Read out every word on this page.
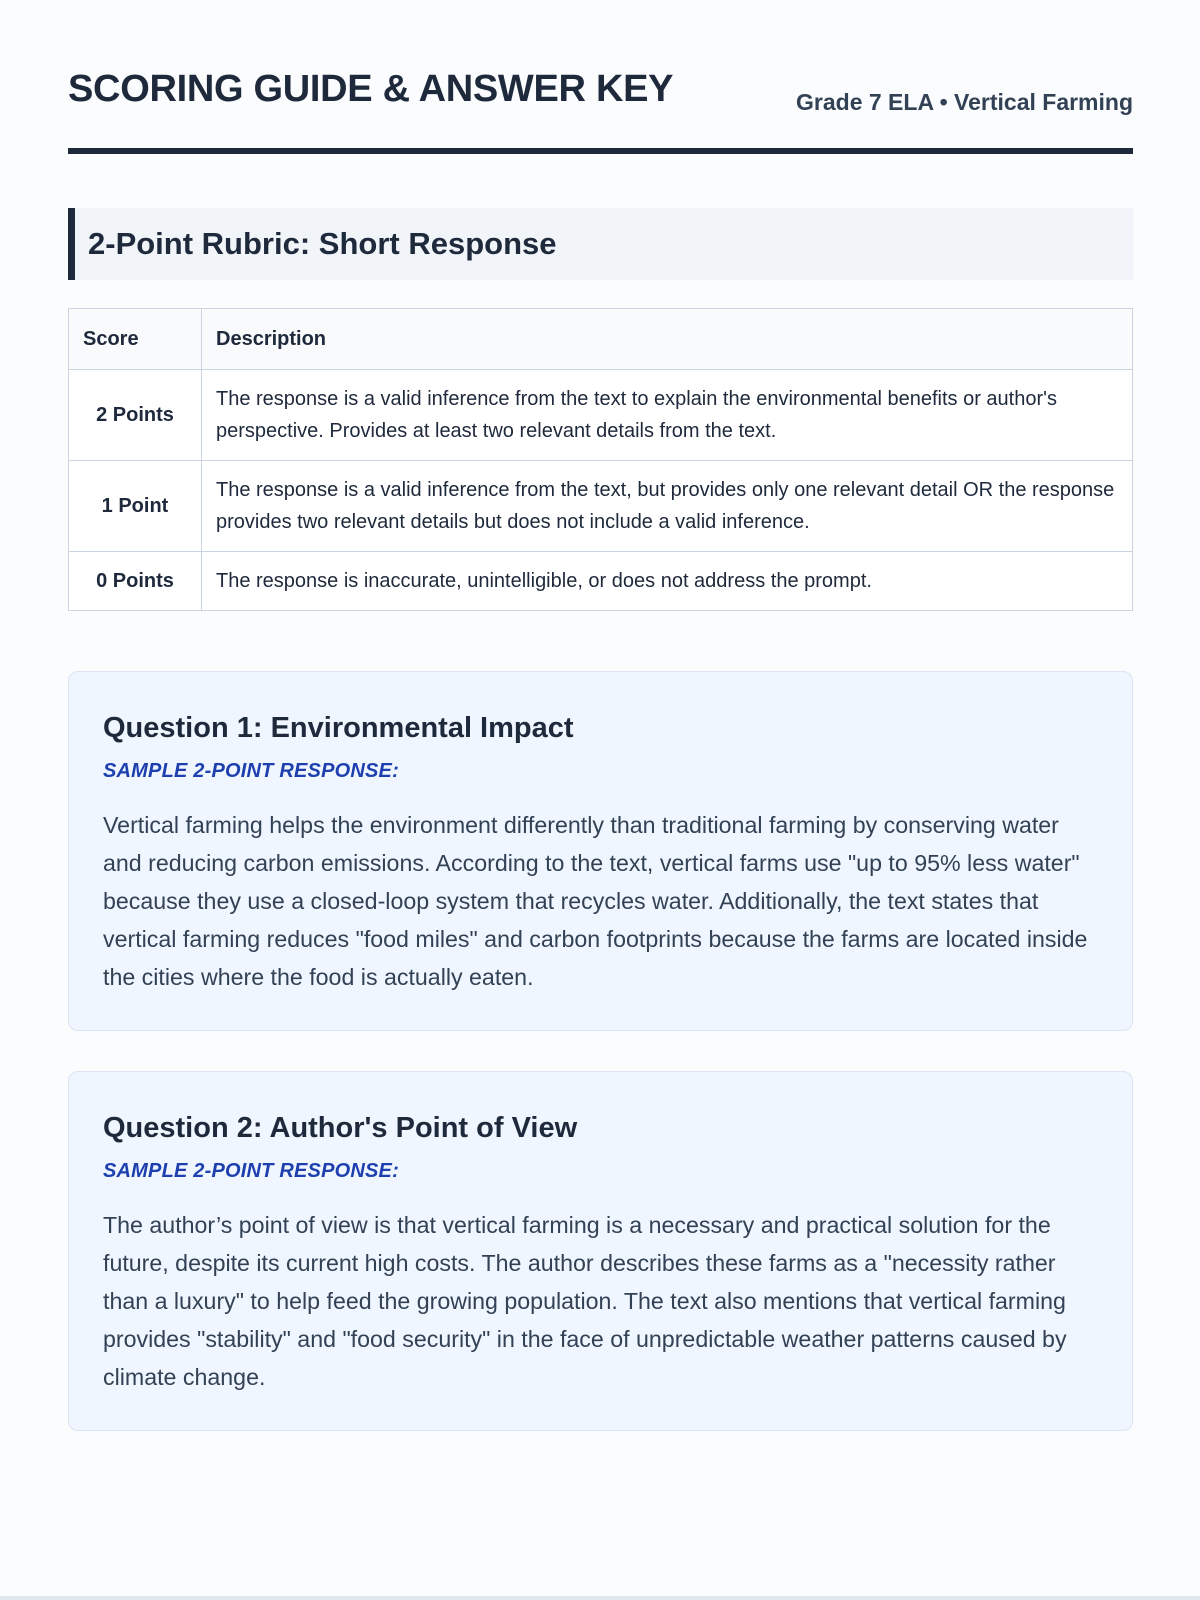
SCORING GUIDE & ANSWER KEY	Grade 7 ELA • Vertical Farming
2-Point Rubric: Short Response
Score	Description
2 Points	The response is a valid inference from the text to explain the environmental benefits or author's perspective. Provides at least two relevant details from the text.
1 Point	The response is a valid inference from the text, but provides only one relevant detail OR the response provides two relevant details but does not include a valid inference.
0 Points	The response is inaccurate, unintelligible, or does not address the prompt.
Question 1: Environmental Impact
SAMPLE 2-POINT RESPONSE:

Vertical farming helps the environment differently than traditional farming by conserving water and reducing carbon emissions. According to the text, vertical farms use "up to 95% less water" because they use a closed-loop system that recycles water. Additionally, the text states that vertical farming reduces "food miles" and carbon footprints because the farms are located inside the cities where the food is actually eaten.

Question 2: Author's Point of View
SAMPLE 2-POINT RESPONSE:

The author’s point of view is that vertical farming is a necessary and practical solution for the future, despite its current high costs. The author describes these farms as a "necessity rather than a luxury" to help feed the growing population. The text also mentions that vertical farming provides "stability" and "food security" in the face of unpredictable weather patterns caused by climate change.
